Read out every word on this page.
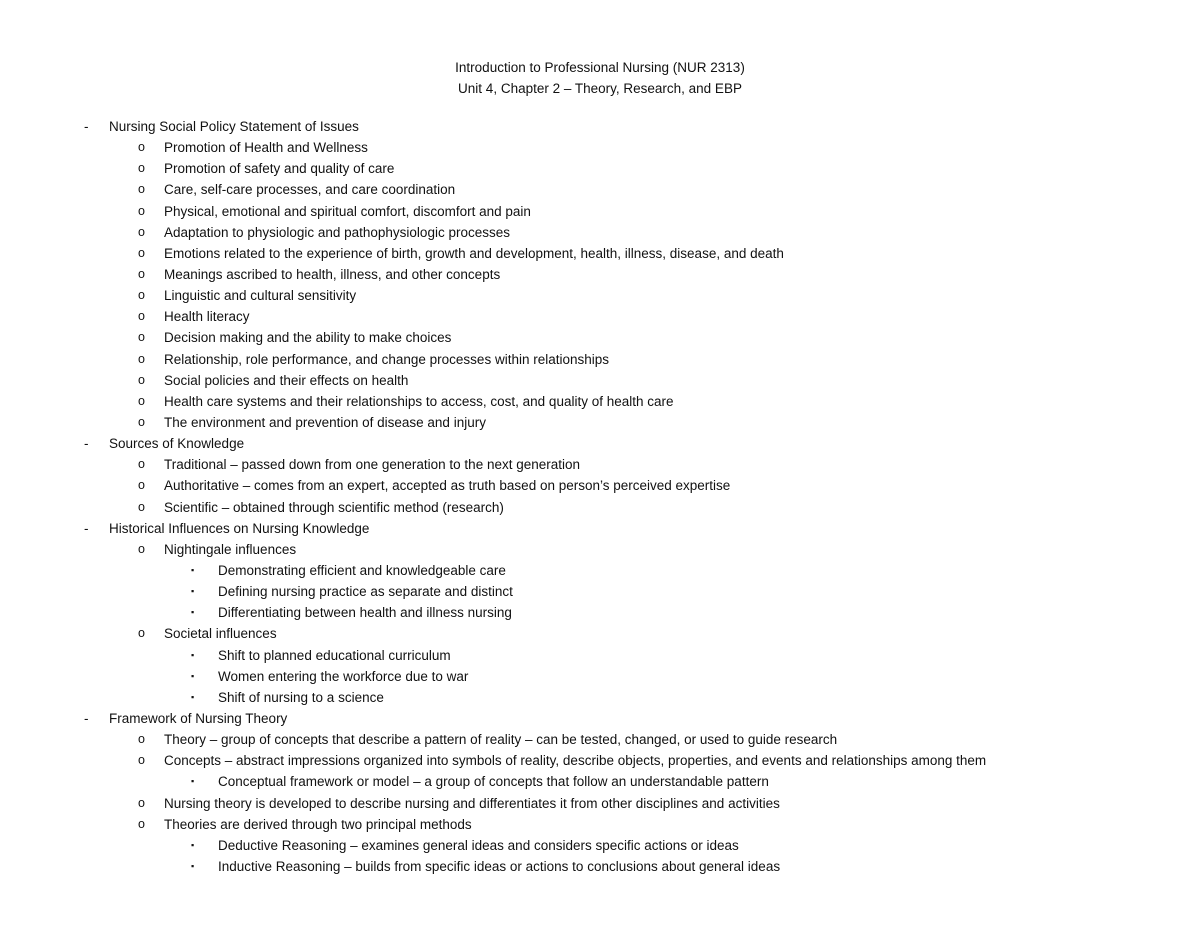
Introduction to Professional Nursing (NUR 2313)
Unit 4, Chapter 2 – Theory, Research, and EBP
- Nursing Social Policy Statement of Issues
o Promotion of Health and Wellness
o Promotion of safety and quality of care
o Care, self-care processes, and care coordination
o Physical, emotional and spiritual comfort, discomfort and pain
o Adaptation to physiologic and pathophysiologic processes
o Emotions related to the experience of birth, growth and development, health, illness, disease, and death
o Meanings ascribed to health, illness, and other concepts
o Linguistic and cultural sensitivity
o Health literacy
o Decision making and the ability to make choices
o Relationship, role performance, and change processes within relationships
o Social policies and their effects on health
o Health care systems and their relationships to access, cost, and quality of health care
o The environment and prevention of disease and injury
- Sources of Knowledge
o Traditional – passed down from one generation to the next generation
o Authoritative – comes from an expert, accepted as truth based on person’s perceived expertise
o Scientific – obtained through scientific method (research)
- Historical Influences on Nursing Knowledge
o Nightingale influences
▪ Demonstrating efficient and knowledgeable care
▪ Defining nursing practice as separate and distinct
▪ Differentiating between health and illness nursing
o Societal influences
▪ Shift to planned educational curriculum
▪ Women entering the workforce due to war
▪ Shift of nursing to a science
- Framework of Nursing Theory
o Theory – group of concepts that describe a pattern of reality – can be tested, changed, or used to guide research
o Concepts – abstract impressions organized into symbols of reality, describe objects, properties, and events and relationships among them
▪ Conceptual framework or model – a group of concepts that follow an understandable pattern
o Nursing theory is developed to describe nursing and differentiates it from other disciplines and activities
o Theories are derived through two principal methods
▪ Deductive Reasoning – examines general ideas and considers specific actions or ideas
▪ Inductive Reasoning – builds from specific ideas or actions to conclusions about general ideas
